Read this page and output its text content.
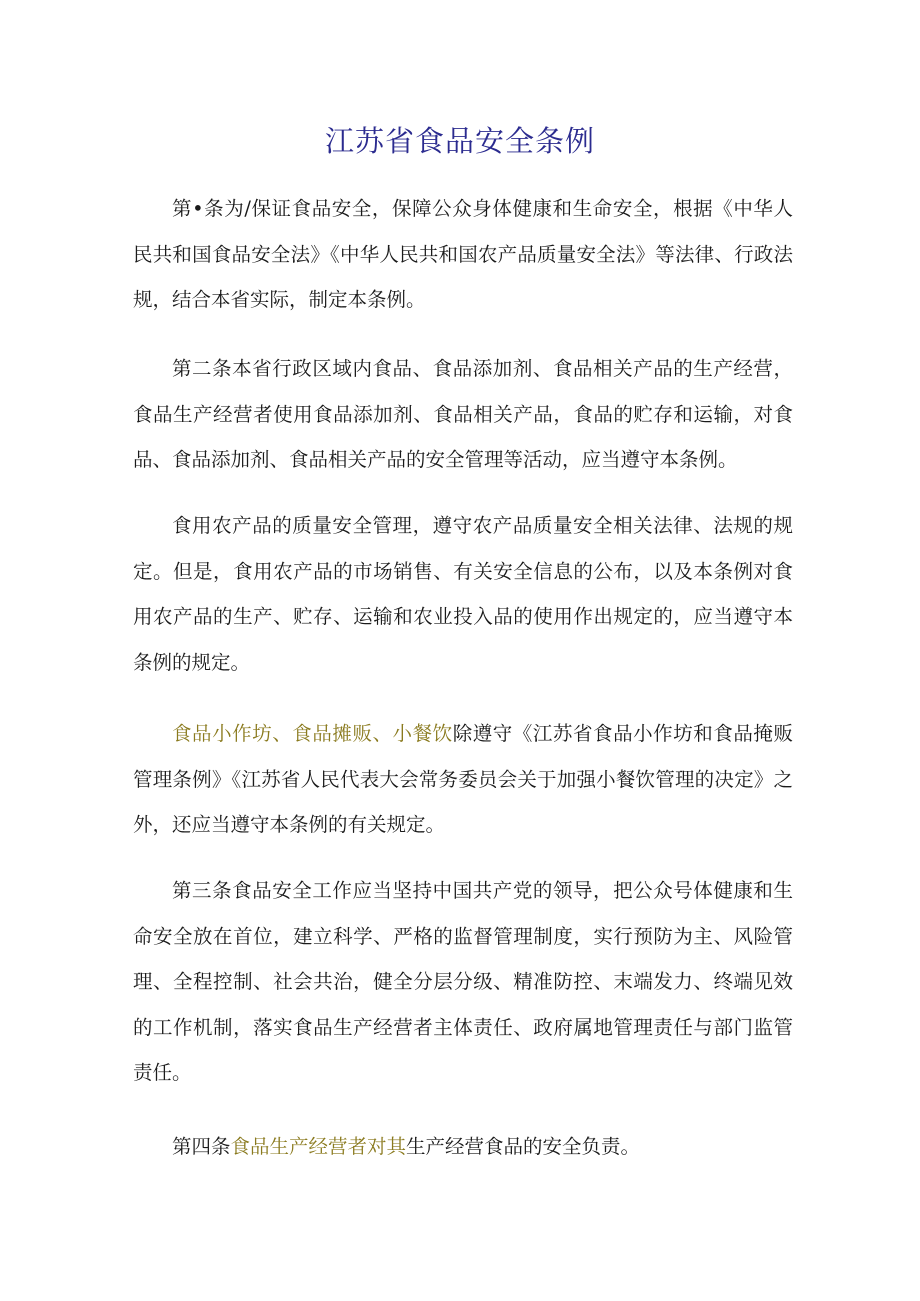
江苏省食品安全条例

第•条为/保证食品安全，保障公众身体健康和生命安全，根据《中华人民共和国食品安全法》《中华人民共和国农产品质量安全法》等法律、行政法规，结合本省实际，制定本条例。

第二条本省行政区域内食品、食品添加剂、食品相关产品的生产经营，食品生产经营者使用食品添加剂、食品相关产品，食品的贮存和运输，对食品、食品添加剂、食品相关产品的安全管理等活动，应当遵守本条例。

食用农产品的质量安全管理，遵守农产品质量安全相关法律、法规的规定。但是，食用农产品的市场销售、有关安全信息的公布，以及本条例对食用农产品的生产、贮存、运输和农业投入品的使用作出规定的，应当遵守本条例的规定。

食品小作坊、食品摊贩、小餐饮除遵守《江苏省食品小作坊和食品掩贩管理条例》《江苏省人民代表大会常务委员会关于加强小餐饮管理的决定》之外，还应当遵守本条例的有关规定。

第三条食品安全工作应当坚持中国共产党的领导，把公众号体健康和生命安全放在首位，建立科学、严格的监督管理制度，实行预防为主、风险管理、全程控制、社会共治，健全分层分级、精准防控、末端发力、终端见效的工作机制，落实食品生产经营者主体责任、政府属地管理责任与部门监管责任。

第四条食品生产经营者对其生产经营食品的安全负责。
